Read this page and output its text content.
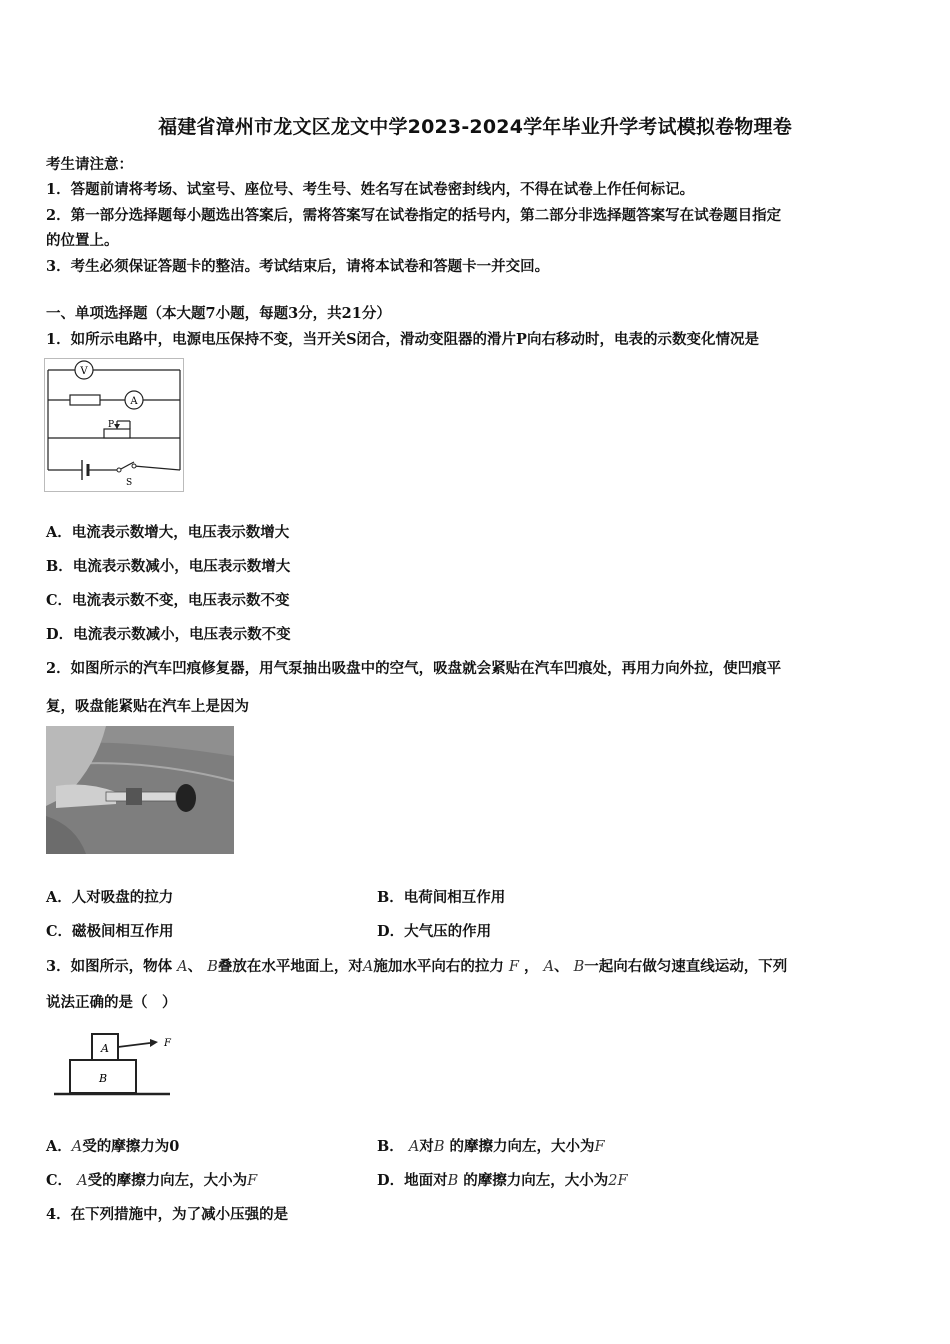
福建省漳州市龙文区龙文中学2023-2024学年毕业升学考试模拟卷物理卷
考生请注意：
1．答题前请将考场、试室号、座位号、考生号、姓名写在试卷密封线内，不得在试卷上作任何标记。
2．第一部分选择题每小题选出答案后，需将答案写在试卷指定的括号内，第二部分非选择题答案写在试卷题目指定
的位置上。
3．考生必须保证答题卡的整洁。考试结束后，请将本试卷和答题卡一并交回。
一、单项选择题（本大题7小题，每题3分，共21分）
1．如所示电路中，电源电压保持不变，当开关S闭合，滑动变阻器的滑片P向右移动时，电表的示数变化情况是
V
A
P
S
A．电流表示数增大，电压表示数增大
B．电流表示数减小，电压表示数增大
C．电流表示数不变，电压表示数不变
D．电流表示数减小，电压表示数不变
2．如图所示的汽车凹痕修复器，用气泵抽出吸盘中的空气，吸盘就会紧贴在汽车凹痕处，再用力向外拉，使凹痕平
复，吸盘能紧贴在汽车上是因为
A．人对吸盘的拉力	B．电荷间相互作用
C．磁极间相互作用	D．大气压的作用
3．如图所示，物体 A、 B叠放在水平地面上，对A施加水平向右的拉力 F ， A、 B一起向右做匀速直线运动，下列
说法正确的是（　）
A
B
F
A．A受的摩擦力为0	B． A对B 的摩擦力向左，大小为F
C． A受的摩擦力向左，大小为F	D．地面对B 的摩擦力向左，大小为2F
4．在下列措施中，为了减小压强的是
